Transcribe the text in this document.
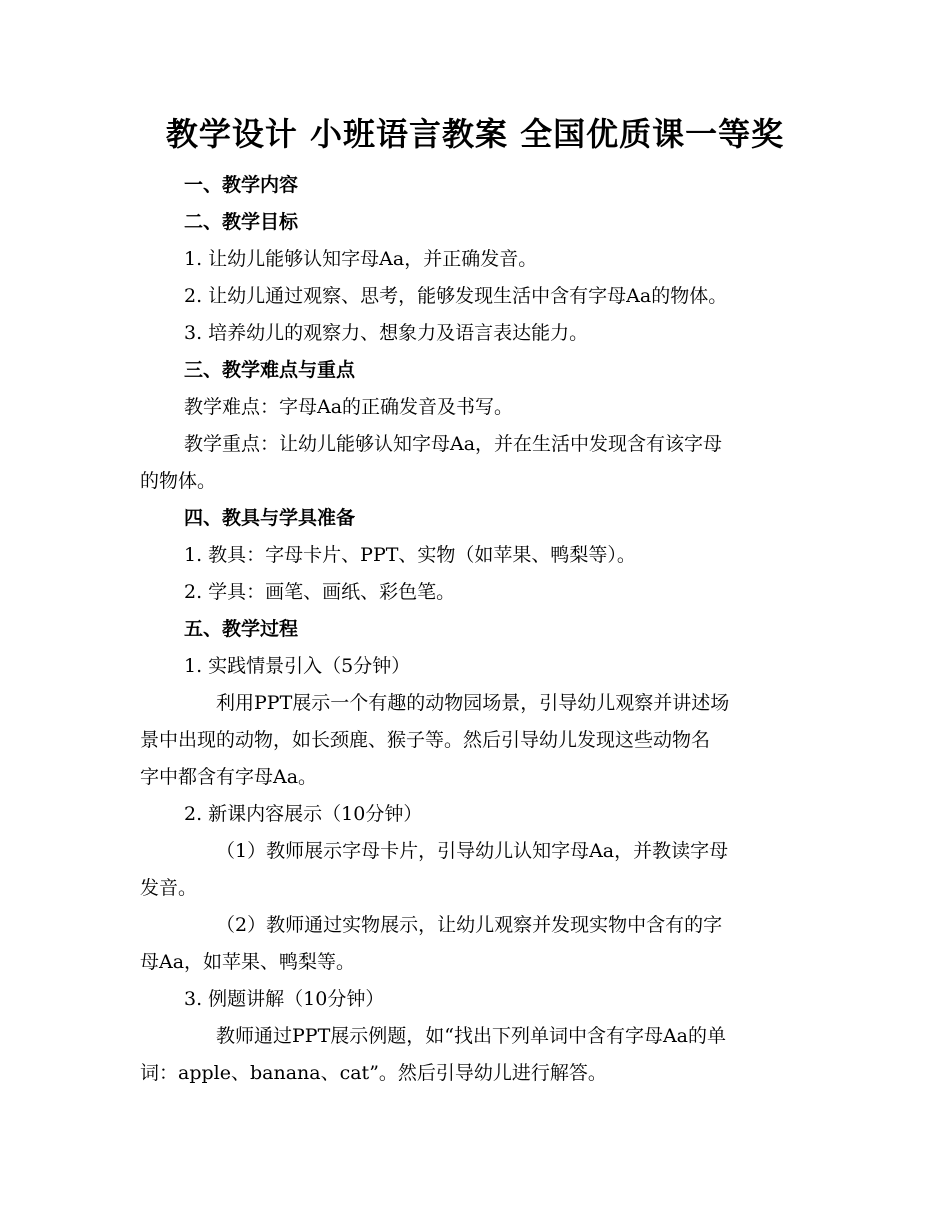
教学设计 小班语言教案 全国优质课一等奖
一、教学内容
二、教学目标
1. 让幼儿能够认知字母Aa，并正确发音。
2. 让幼儿通过观察、思考，能够发现生活中含有字母Aa的物体。
3. 培养幼儿的观察力、想象力及语言表达能力。
三、教学难点与重点
教学难点：字母Aa的正确发音及书写。
教学重点：让幼儿能够认知字母Aa，并在生活中发现含有该字母
的物体。
四、教具与学具准备
1. 教具：字母卡片、PPT、实物（如苹果、鸭梨等）。
2. 学具：画笔、画纸、彩色笔。
五、教学过程
1. 实践情景引入（5分钟）
利用PPT展示一个有趣的动物园场景，引导幼儿观察并讲述场
景中出现的动物，如长颈鹿、猴子等。然后引导幼儿发现这些动物名
字中都含有字母Aa。
2. 新课内容展示（10分钟）
（1）教师展示字母卡片，引导幼儿认知字母Aa，并教读字母
发音。
（2）教师通过实物展示，让幼儿观察并发现实物中含有的字
母Aa，如苹果、鸭梨等。
3. 例题讲解（10分钟）
教师通过PPT展示例题，如“找出下列单词中含有字母Aa的单
词：apple、banana、cat”。然后引导幼儿进行解答。
